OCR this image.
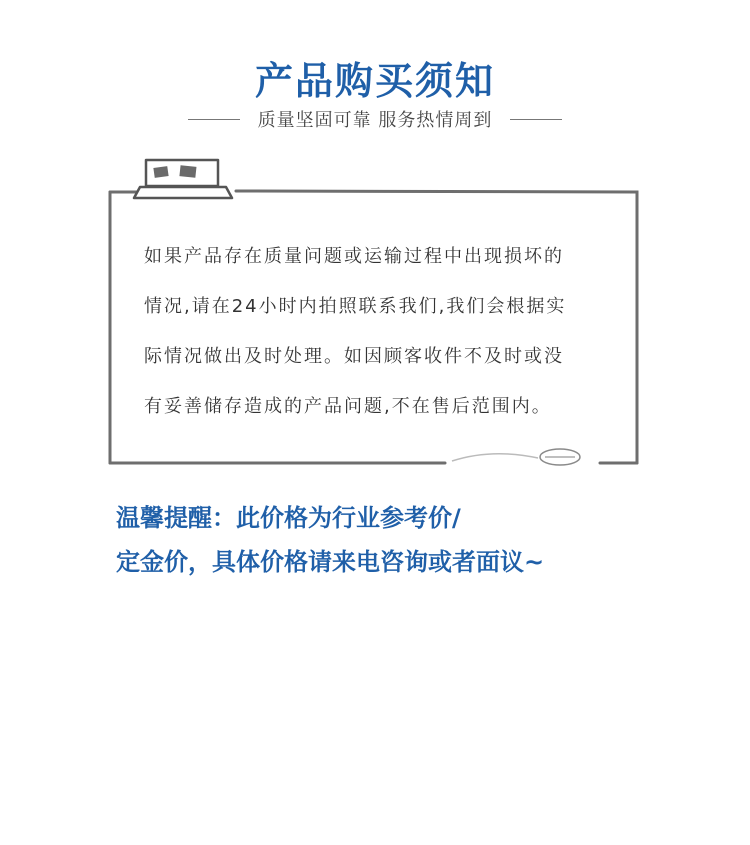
产品购买须知
质量坚固可靠 服务热情周到

如果产品存在质量问题或运输过程中出现损坏的
情况,请在24小时内拍照联系我们,我们会根据实
际情况做出及时处理。如因顾客收件不及时或没
有妥善储存造成的产品问题,不在售后范围内。

温馨提醒：此价格为行业参考价/
定金价，具体价格请来电咨询或者面议~
